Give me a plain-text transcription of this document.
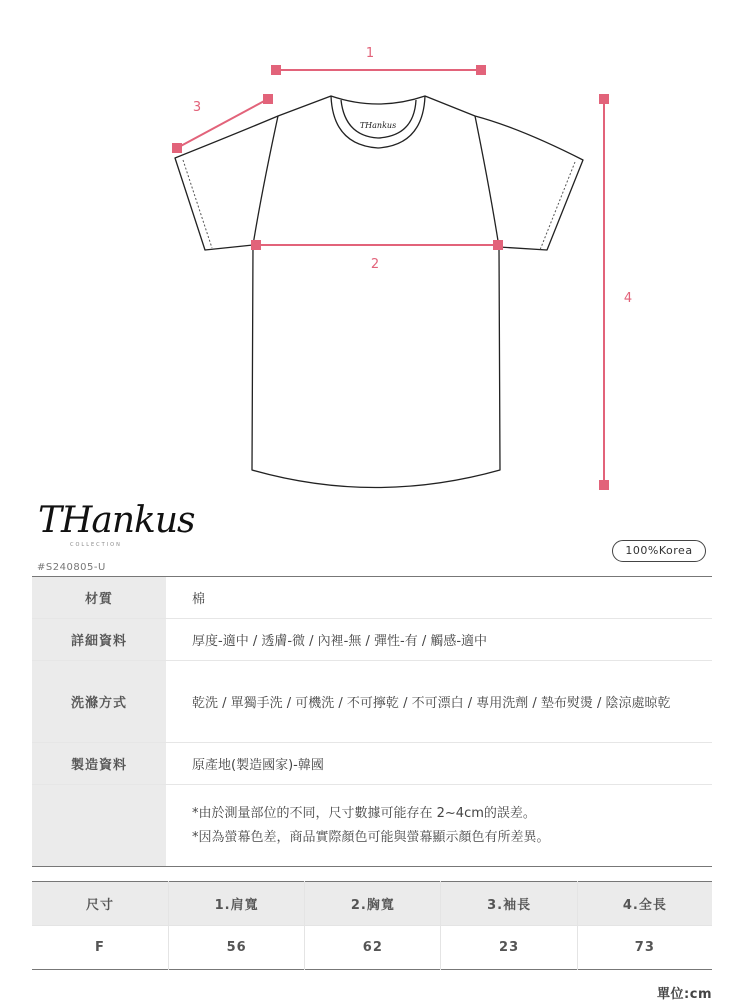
THankus
1
2
3
4
THankus
COLLECTION
#S240805-U
100%Korea
材質	棉
詳細資料	厚度-適中 / 透膚-微 / 內裡-無 / 彈性-有 / 觸感-適中
洗滌方式	乾洗 / 單獨手洗 / 可機洗 / 不可擰乾 / 不可漂白 / 專用洗劑 / 墊布熨燙 / 陰涼處晾乾
製造資料	原產地(製造國家)-韓國
*由於測量部位的不同，尺寸數據可能存在 2~4cm的誤差。
*因為螢幕色差，商品實際顏色可能與螢幕顯示顏色有所差異。
尺寸	1.肩寬	2.胸寬	3.袖長	4.全長
F	56	62	23	73
單位:cm
